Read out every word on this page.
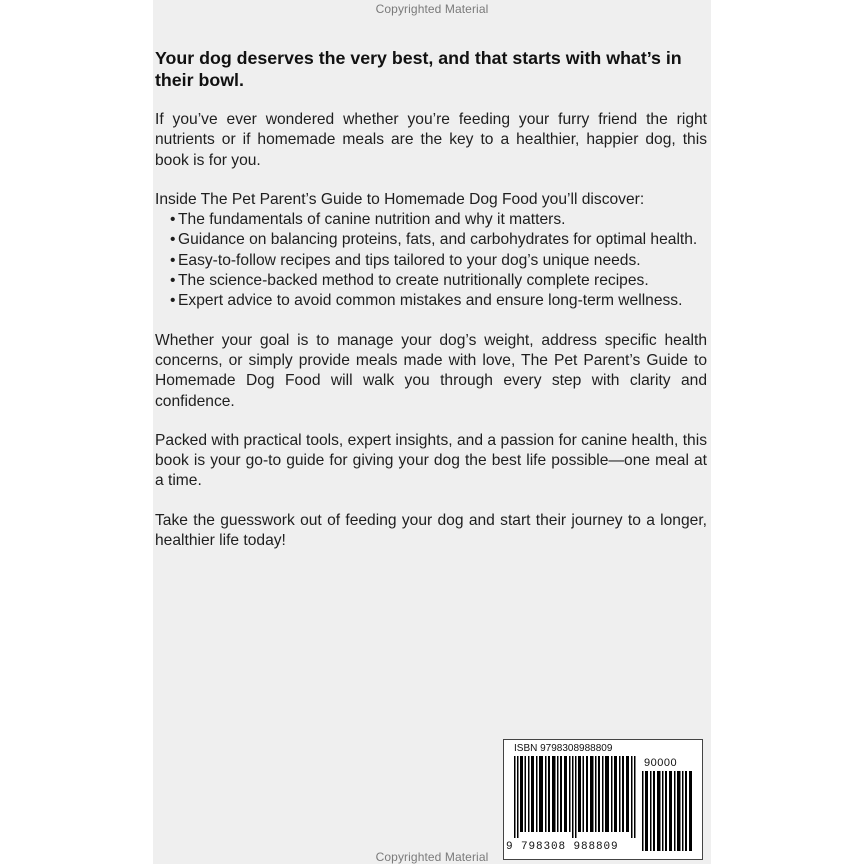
Copyrighted Material
Your dog deserves the very best, and that starts with what’s in their bowl.

If you’ve ever wondered whether you’re feeding your furry friend the right nutrients or if homemade meals are the key to a healthier, happier dog, this book is for you.

Inside The Pet Parent’s Guide to Homemade Dog Food you’ll discover:
• The fundamentals of canine nutrition and why it matters.
• Guidance on balancing proteins, fats, and carbohydrates for optimal health.
• Easy-to-follow recipes and tips tailored to your dog’s unique needs.
• The science-backed method to create nutritionally complete recipes.
• Expert advice to avoid common mistakes and ensure long-term wellness.

Whether your goal is to manage your dog’s weight, address specific health concerns, or simply provide meals made with love, The Pet Parent’s Guide to Homemade Dog Food will walk you through every step with clarity and confidence.

Packed with practical tools, expert insights, and a passion for canine health, this book is your go-to guide for giving your dog the best life possible—one meal at a time.

Take the guesswork out of feeding your dog and start their journey to a longer, healthier life today!

ISBN 9798308988809
90000
9 798308 988809
Copyrighted Material
